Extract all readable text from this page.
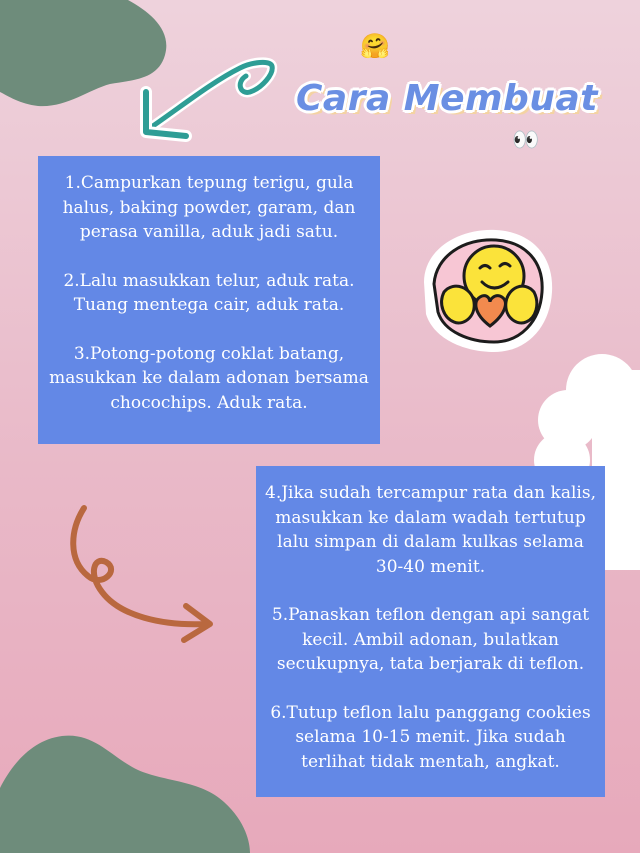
🤗
Cara Membuat
👀

1.Campurkan tepung terigu, gula halus, baking powder, garam, dan perasa vanilla, aduk jadi satu.

2.Lalu masukkan telur, aduk rata. Tuang mentega cair, aduk rata.

3.Potong-potong coklat batang, masukkan ke dalam adonan bersama chocochips. Aduk rata.

4.Jika sudah tercampur rata dan kalis, masukkan ke dalam wadah tertutup lalu simpan di dalam kulkas selama 30-40 menit.

5.Panaskan teflon dengan api sangat kecil. Ambil adonan, bulatkan secukupnya, tata berjarak di teflon.

6.Tutup teflon lalu panggang cookies selama 10-15 menit. Jika sudah terlihat tidak mentah, angkat.
